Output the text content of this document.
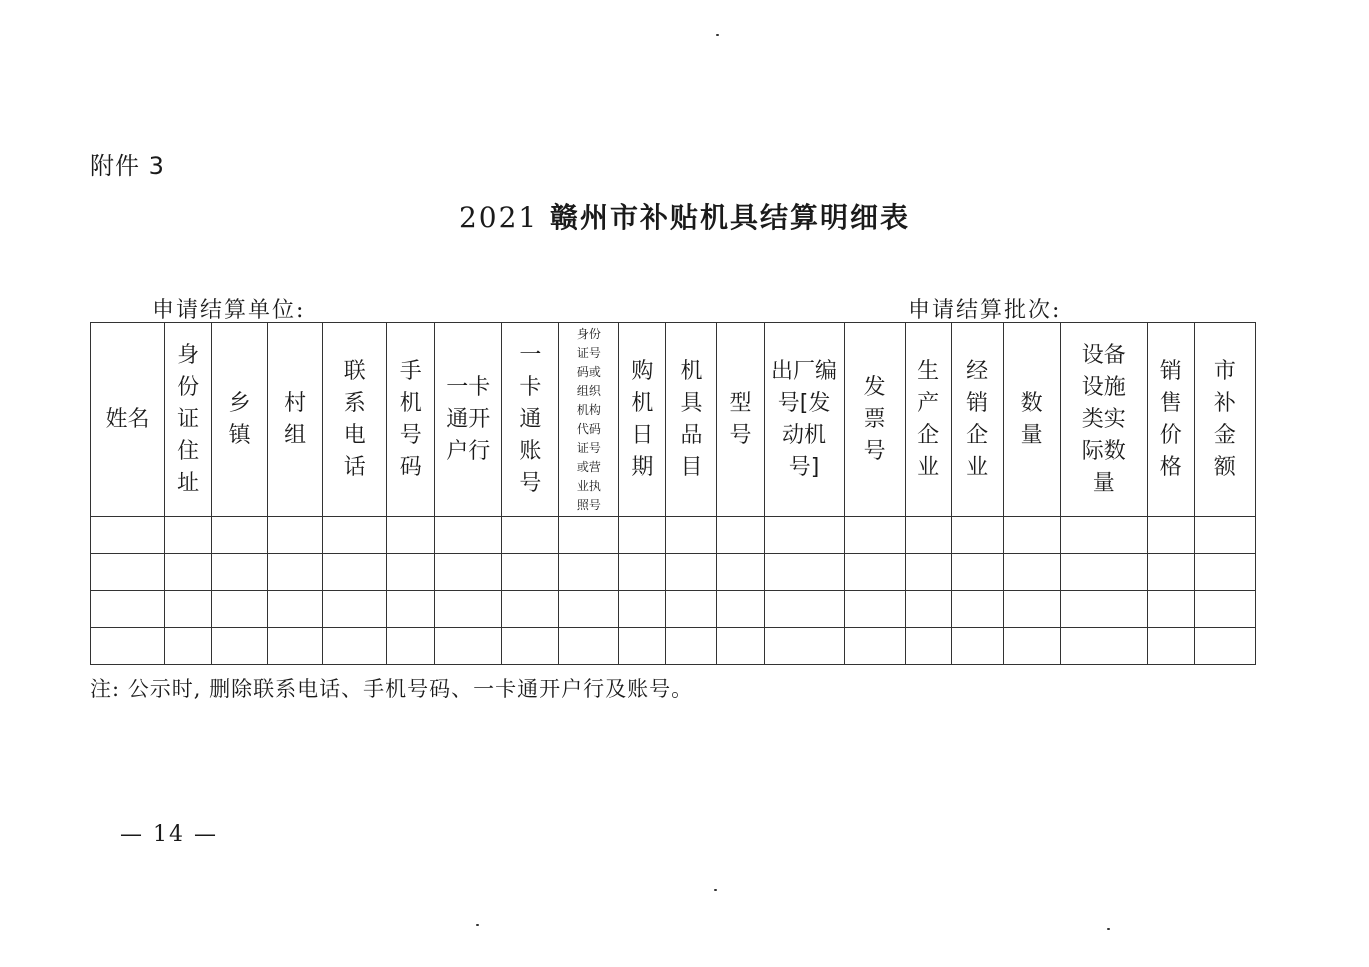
附件 3
2021 赣州市补贴机具结算明细表
申请结算单位:	申请结算批次:
姓名	身份证住址	乡镇	村组	联系电话	手机号码	一卡通开户行	一卡通账号	身份证号码或组织机构代码证号或营业执照号	购机日期	机具品目	型号	出厂编号[发动机号]	发票号	生产企业	经销企业	数量	设备设施类实际数量	销售价格	市补金额

注: 公示时, 删除联系电话、手机号码、一卡通开户行及账号。
— 14 —
